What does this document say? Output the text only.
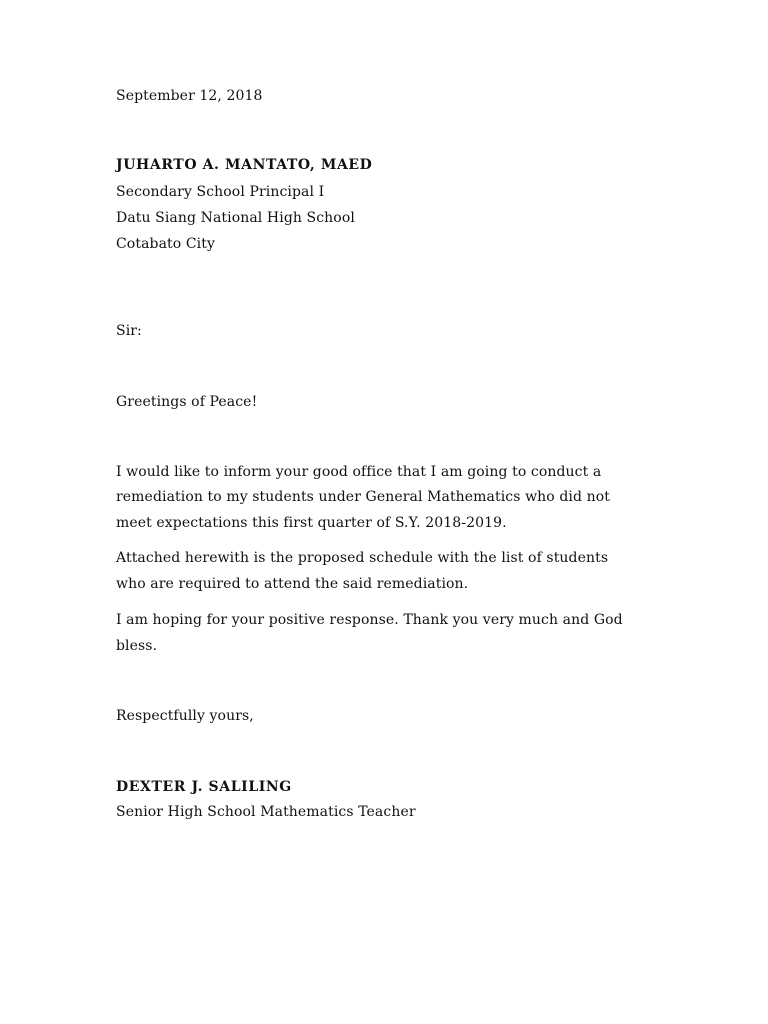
September 12, 2018
JUHARTO A. MANTATO, MAED
Secondary School Principal I
Datu Siang National High School
Cotabato City
Sir:
Greetings of Peace!
I would like to inform your good office that I am going to conduct a
remediation to my students under General Mathematics who did not
meet expectations this first quarter of S.Y. 2018-2019.
Attached herewith is the proposed schedule with the list of students
who are required to attend the said remediation.
I am hoping for your positive response. Thank you very much and God
bless.
Respectfully yours,
DEXTER J. SALILING
Senior High School Mathematics Teacher
